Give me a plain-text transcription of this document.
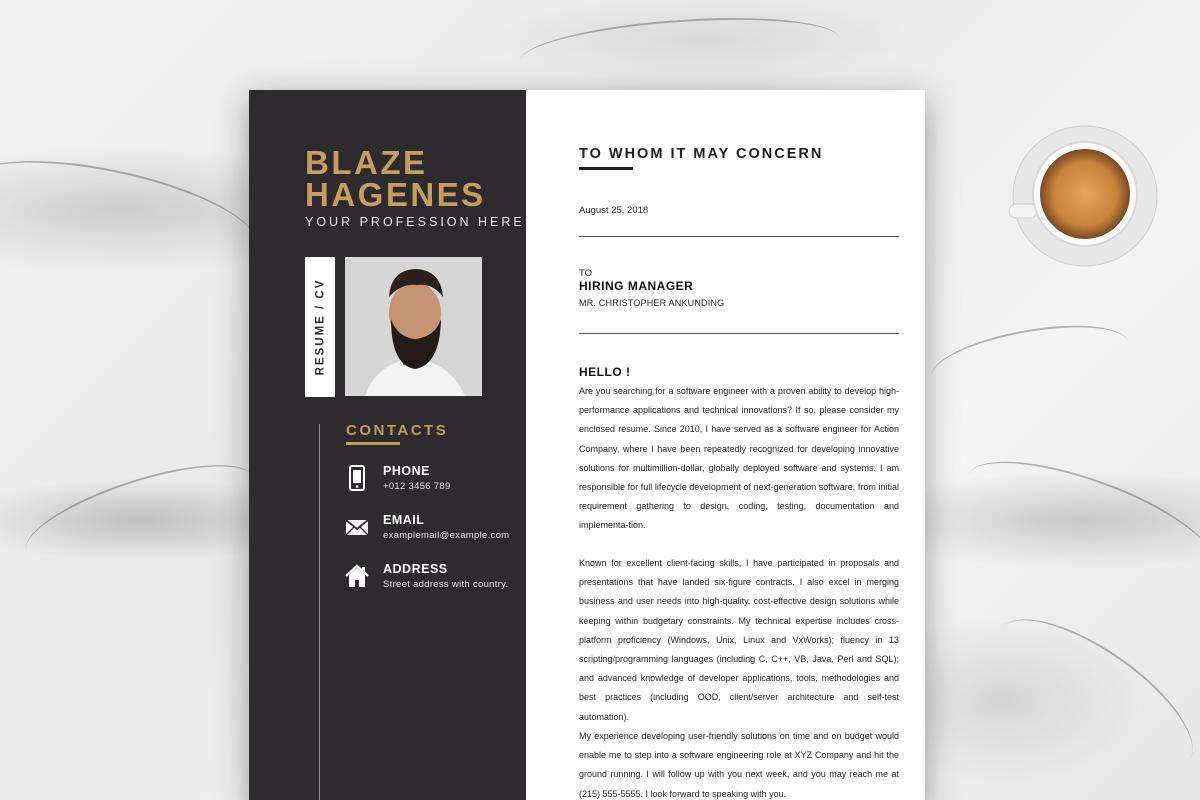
BLAZE
HAGENES
YOUR PROFESSION HERE
RESUME / CV
CONTACTS
PHONE
+012 3456 789
EMAIL
examplemail@example.com
ADDRESS
Street address with country.
TO WHOM IT MAY CONCERN
August 25, 2018
TO
HIRING MANAGER
MR. CHRISTOPHER ANKUNDING
HELLO !
Are you searching for a software engineer with a proven ability to develop high-performance applications and technical innovations? If so, please consider my enclosed resume. Since 2010, I have served as a software engineer for Action Company, where I have been repeatedly recognized for developing innovative solutions for multimillion-dollar, globally deployed software and systems. I am responsible for full lifecycle development of next-generation software, from initial requirement gathering to design, coding, testing, documentation and implementa-tion.
Known for excellent client-facing skills, I have participated in proposals and presentations that have landed six-figure contracts. I also excel in merging business and user needs into high-quality, cost-effective design solutions while keeping within budgetary constraints. My technical expertise includes cross-platform proficiency (Windows, Unix, Linux and VxWorks); fluency in 13 scripting/programming languages (including C, C++, VB, Java, Perl and SQL); and advanced knowledge of developer applications, tools, methodologies and best practices (including OOD, client/server architecture and self-test automation).
My experience developing user-friendly solutions on time and on budget would enable me to step into a software engineering role at XYZ Company and hit the ground running. I will follow up with you next week, and you may reach me at (215) 555-5555. I look forward to speaking with you.
